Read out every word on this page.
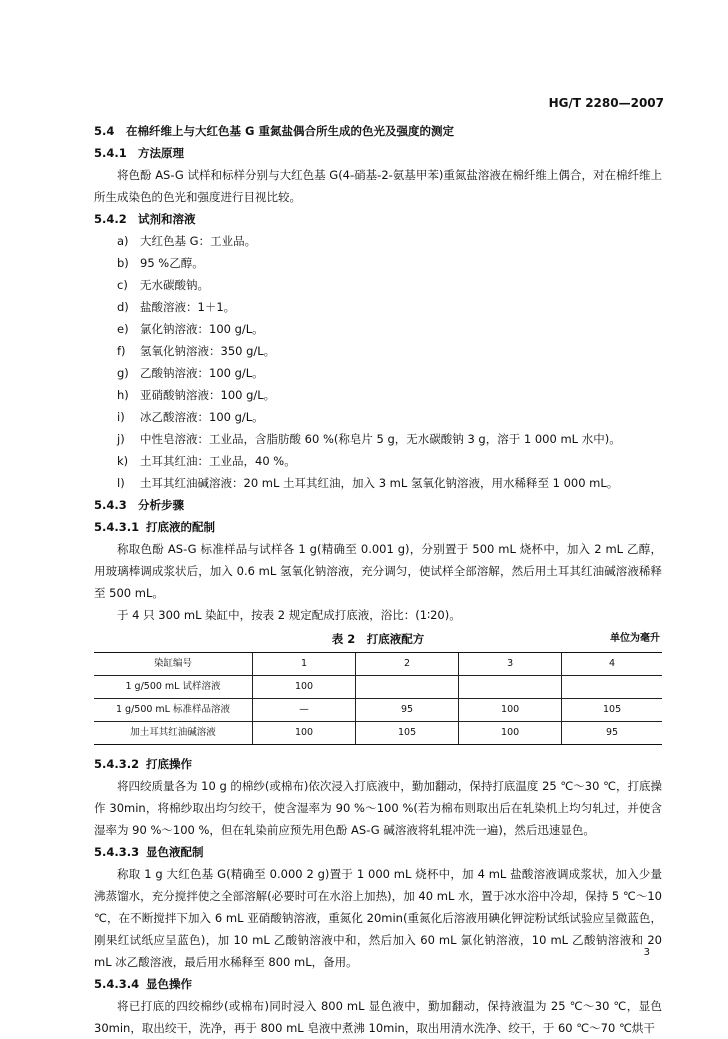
HG/T 2280—2007
5.4 在棉纤维上与大红色基 G 重氮盐偶合所生成的色光及强度的测定
5.4.1 方法原理

将色酚 AS-G 试样和标样分别与大红色基 G(4-硝基-2-氨基甲苯)重氮盐溶液在棉纤维上偶合，对在棉纤维上所生成染色的色光和强度进行目视比较。

5.4.2 试剂和溶液
a) 大红色基 G：工业品。
b) 95 %乙醇。
c)	无水碳酸钠。
d) 盐酸溶液：1＋1。
e) 氯化钠溶液：100 g/L。
f)	氢氧化钠溶液：350 g/L。
g) 乙酸钠溶液：100 g/L。
h) 亚硝酸钠溶液：100 g/L。
i)	冰乙酸溶液：100 g/L。
j)	中性皂溶液：工业品，含脂肪酸 60 %(称皂片 5 g，无水碳酸钠 3 g，溶于 1 000 mL 水中)。
k)	土耳其红油：工业品，40 %。
l)	土耳其红油碱溶液：20 mL 土耳其红油，加入 3 mL 氢氧化钠溶液，用水稀释至 1 000 mL。
5.4.3 分析步骤
5.4.3.1 打底液的配制

称取色酚 AS-G 标准样品与试样各 1 g(精确至 0.001 g)，分别置于 500 mL 烧杯中，加入 2 mL 乙醇，用玻璃棒调成浆状后，加入 0.6 mL 氢氧化钠溶液，充分调匀，使试样全部溶解，然后用土耳其红油碱溶液稀释至 500 mL。

于 4 只 300 mL 染缸中，按表 2 规定配成打底液，浴比：(1∶20)。

表 2　打底液配方	单位为毫升
染缸编号	1	2	3	4
1 g/500 mL 试样溶液	100			
1 g/500 mL 标准样品溶液	—	95	100	105
加土耳其红油碱溶液	100	105	100	95
5.4.3.2 打底操作

将四绞质量各为 10 g 的棉纱(或棉布)依次浸入打底液中，勤加翻动，保持打底温度 25 ℃～30 ℃，打底操作 30min，将棉纱取出均匀绞干，使含湿率为 90 %～100 %(若为棉布则取出后在轧染机上均匀轧过，并使含湿率为 90 %～100 %，但在轧染前应预先用色酚 AS-G 碱溶液将轧辊冲洗一遍)，然后迅速显色。

5.4.3.3 显色液配制

称取 1 g 大红色基 G(精确至 0.000 2 g)置于 1 000 mL 烧杯中，加 4 mL 盐酸溶液调成浆状，加入少量沸蒸馏水，充分搅拌使之全部溶解(必要时可在水浴上加热)，加 40 mL 水，置于冰水浴中冷却，保持 5 ℃～10 ℃，在不断搅拌下加入 6 mL 亚硝酸钠溶液，重氮化 20min(重氮化后溶液用碘化钾淀粉试纸试验应呈微蓝色，刚果红试纸应呈蓝色)，加 10 mL 乙酸钠溶液中和，然后加入 60 mL 氯化钠溶液，10 mL 乙酸钠溶液和 20 mL 冰乙酸溶液，最后用水稀释至 800 mL，备用。

5.4.3.4 显色操作

将已打底的四绞棉纱(或棉布)同时浸入 800 mL 显色液中，勤加翻动，保持液温为 25 ℃～30 ℃，显色 30min，取出绞干，洗净，再于 800 mL 皂液中煮沸 10min，取出用清水洗净、绞干，于 60 ℃～70 ℃烘干

3
